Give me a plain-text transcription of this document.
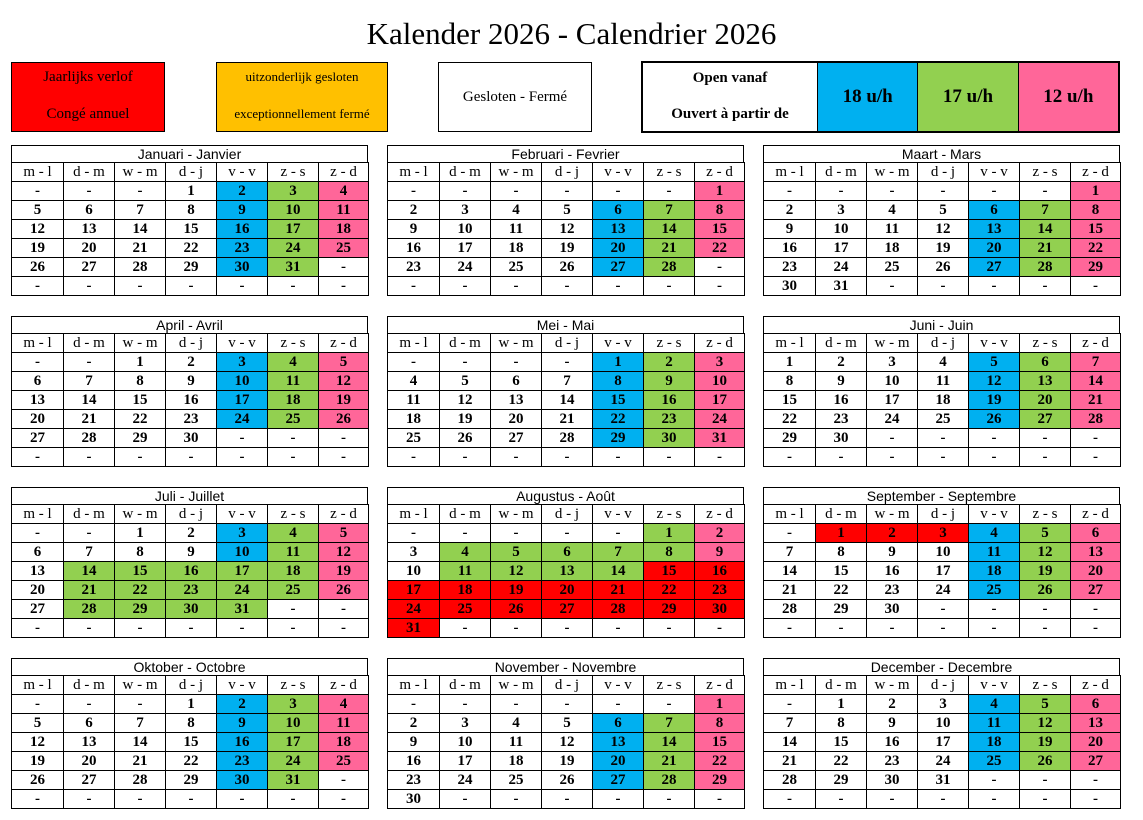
Kalender 2026 - Calendrier 2026
Jaarlijks verlof
Congé annuel
uitzonderlijk gesloten
exceptionnellement fermé
Gesloten - Fermé
Open vanaf
Ouvert à partir de
18 u/h	17 u/h	12 u/h
Januari - Janvier
m - l	d - m	w - m	d - j	v - v	z - s	z - d
-	-	-	1	2	3	4
5	6	7	8	9	10	11
12	13	14	15	16	17	18
19	20	21	22	23	24	25
26	27	28	29	30	31	-
-	-	-	-	-	-	-
Februari - Fevrier
m - l	d - m	w - m	d - j	v - v	z - s	z - d
-	-	-	-	-	-	1
2	3	4	5	6	7	8
9	10	11	12	13	14	15
16	17	18	19	20	21	22
23	24	25	26	27	28	-
-	-	-	-	-	-	-
Maart - Mars
m - l	d - m	w - m	d - j	v - v	z - s	z - d
-	-	-	-	-	-	1
2	3	4	5	6	7	8
9	10	11	12	13	14	15
16	17	18	19	20	21	22
23	24	25	26	27	28	29
30	31	-	-	-	-	-
April - Avril
m - l	d - m	w - m	d - j	v - v	z - s	z - d
-	-	1	2	3	4	5
6	7	8	9	10	11	12
13	14	15	16	17	18	19
20	21	22	23	24	25	26
27	28	29	30	-	-	-
-	-	-	-	-	-	-
Mei - Mai
m - l	d - m	w - m	d - j	v - v	z - s	z - d
-	-	-	-	1	2	3
4	5	6	7	8	9	10
11	12	13	14	15	16	17
18	19	20	21	22	23	24
25	26	27	28	29	30	31
-	-	-	-	-	-	-
Juni - Juin
m - l	d - m	w - m	d - j	v - v	z - s	z - d
1	2	3	4	5	6	7
8	9	10	11	12	13	14
15	16	17	18	19	20	21
22	23	24	25	26	27	28
29	30	-	-	-	-	-
-	-	-	-	-	-	-
Juli - Juillet
m - l	d - m	w - m	d - j	v - v	z - s	z - d
-	-	1	2	3	4	5
6	7	8	9	10	11	12
13	14	15	16	17	18	19
20	21	22	23	24	25	26
27	28	29	30	31	-	-
-	-	-	-	-	-	-
Augustus - Août
m - l	d - m	w - m	d - j	v - v	z - s	z - d
-	-	-	-	-	1	2
3	4	5	6	7	8	9
10	11	12	13	14	15	16
17	18	19	20	21	22	23
24	25	26	27	28	29	30
31	-	-	-	-	-	-
September - Septembre
m - l	d - m	w - m	d - j	v - v	z - s	z - d
-	1	2	3	4	5	6
7	8	9	10	11	12	13
14	15	16	17	18	19	20
21	22	23	24	25	26	27
28	29	30	-	-	-	-
-	-	-	-	-	-	-
Oktober - Octobre
m - l	d - m	w - m	d - j	v - v	z - s	z - d
-	-	-	1	2	3	4
5	6	7	8	9	10	11
12	13	14	15	16	17	18
19	20	21	22	23	24	25
26	27	28	29	30	31	-
-	-	-	-	-	-	-
November - Novembre
m - l	d - m	w - m	d - j	v - v	z - s	z - d
-	-	-	-	-	-	1
2	3	4	5	6	7	8
9	10	11	12	13	14	15
16	17	18	19	20	21	22
23	24	25	26	27	28	29
30	-	-	-	-	-	-
December - Decembre
m - l	d - m	w - m	d - j	v - v	z - s	z - d
-	1	2	3	4	5	6
7	8	9	10	11	12	13
14	15	16	17	18	19	20
21	22	23	24	25	26	27
28	29	30	31	-	-	-
-	-	-	-	-	-	-
